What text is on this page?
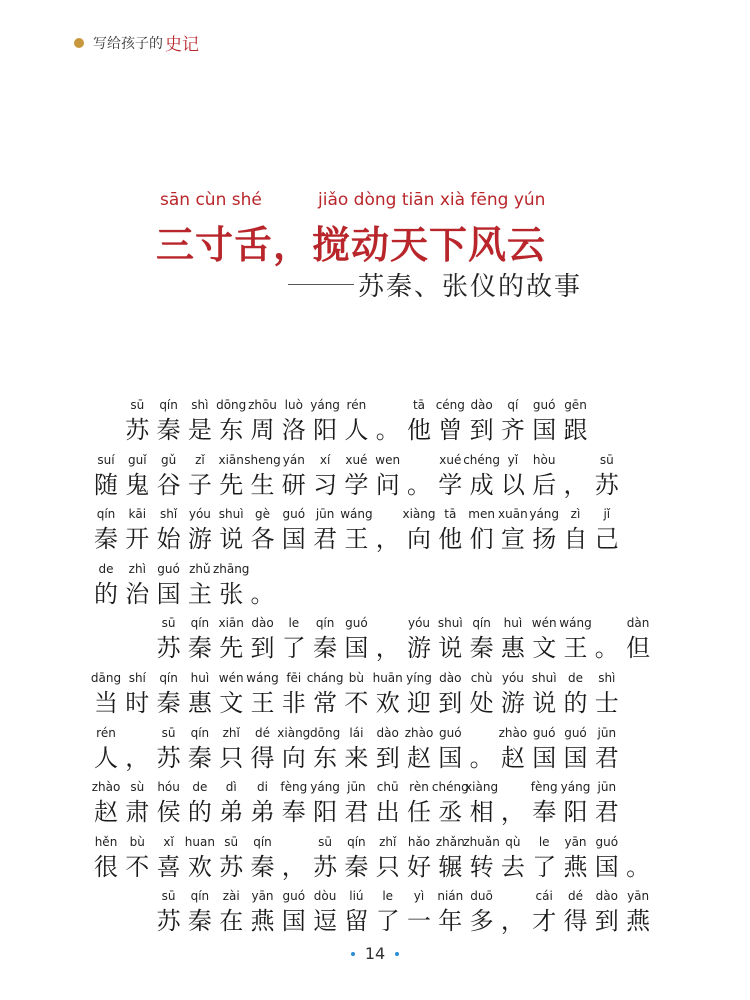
写给孩子的 史记
sān cùn shé	jiǎo dòng tiān xià fēng yún
三寸舌，搅动天下风云
苏秦、张仪的故事
sū
苏
qín
秦
shì
是
dōng
东
zhōu
周
luò
洛
yáng
阳
rén
人 。
tā
他
céng
曾
dào
到
qí
齐
guó
国
gēn
跟
suí
随
guǐ
鬼
gǔ
谷
zǐ
子
xiān
先
sheng
生
yán
研
xí
习
xué
学
wen
问 。
xué
学
chéng
成
yǐ
以
hòu
后 ，
sū
苏
qín
秦
kāi
开
shǐ
始
yóu
游
shuì
说
gè
各
guó
国
jūn
君
wáng
王 ，
xiàng
向
tā
他
men
们
xuān
宣
yáng
扬
zì
自
jǐ
己
de
的
zhì
治
guó
国
zhǔ
主
zhāng
张 。
sū
苏
qín
秦
xiān
先
dào
到
le
了
qín
秦
guó
国 ，
yóu
游
shuì
说
qín
秦
huì
惠
wén
文
wáng
王 。
dàn
但
dāng
当
shí
时
qín
秦
huì
惠
wén
文
wáng
王
fēi
非
cháng
常
bù
不
huān
欢
yíng
迎
dào
到
chù
处
yóu
游
shuì
说
de
的
shì
士
rén
人 ，
sū
苏
qín
秦
zhǐ
只
dé
得
xiàng
向
dōng
东
lái
来
dào
到
zhào
赵
guó
国 。
zhào
赵
guó
国
guó
国
jūn
君
zhào
赵
sù
肃
hóu
侯
de
的
dì
弟
di
弟
fèng
奉
yáng
阳
jūn
君
chū
出
rèn
任
chéng
丞
xiàng
相 ，
fèng
奉
yáng
阳
jūn
君
hěn
很
bù
不
xǐ
喜
huan
欢
sū
苏
qín
秦 ，
sū
苏
qín
秦
zhǐ
只
hǎo
好
zhǎn
辗
zhuǎn
转
qù
去
le
了
yān
燕
guó
国 。
sū
苏
qín
秦
zài
在
yān
燕
guó
国
dòu
逗
liú
留
le
了
yì
一
nián
年
duō
多 ，
cái
才
dé
得
dào
到
yān
燕
14
